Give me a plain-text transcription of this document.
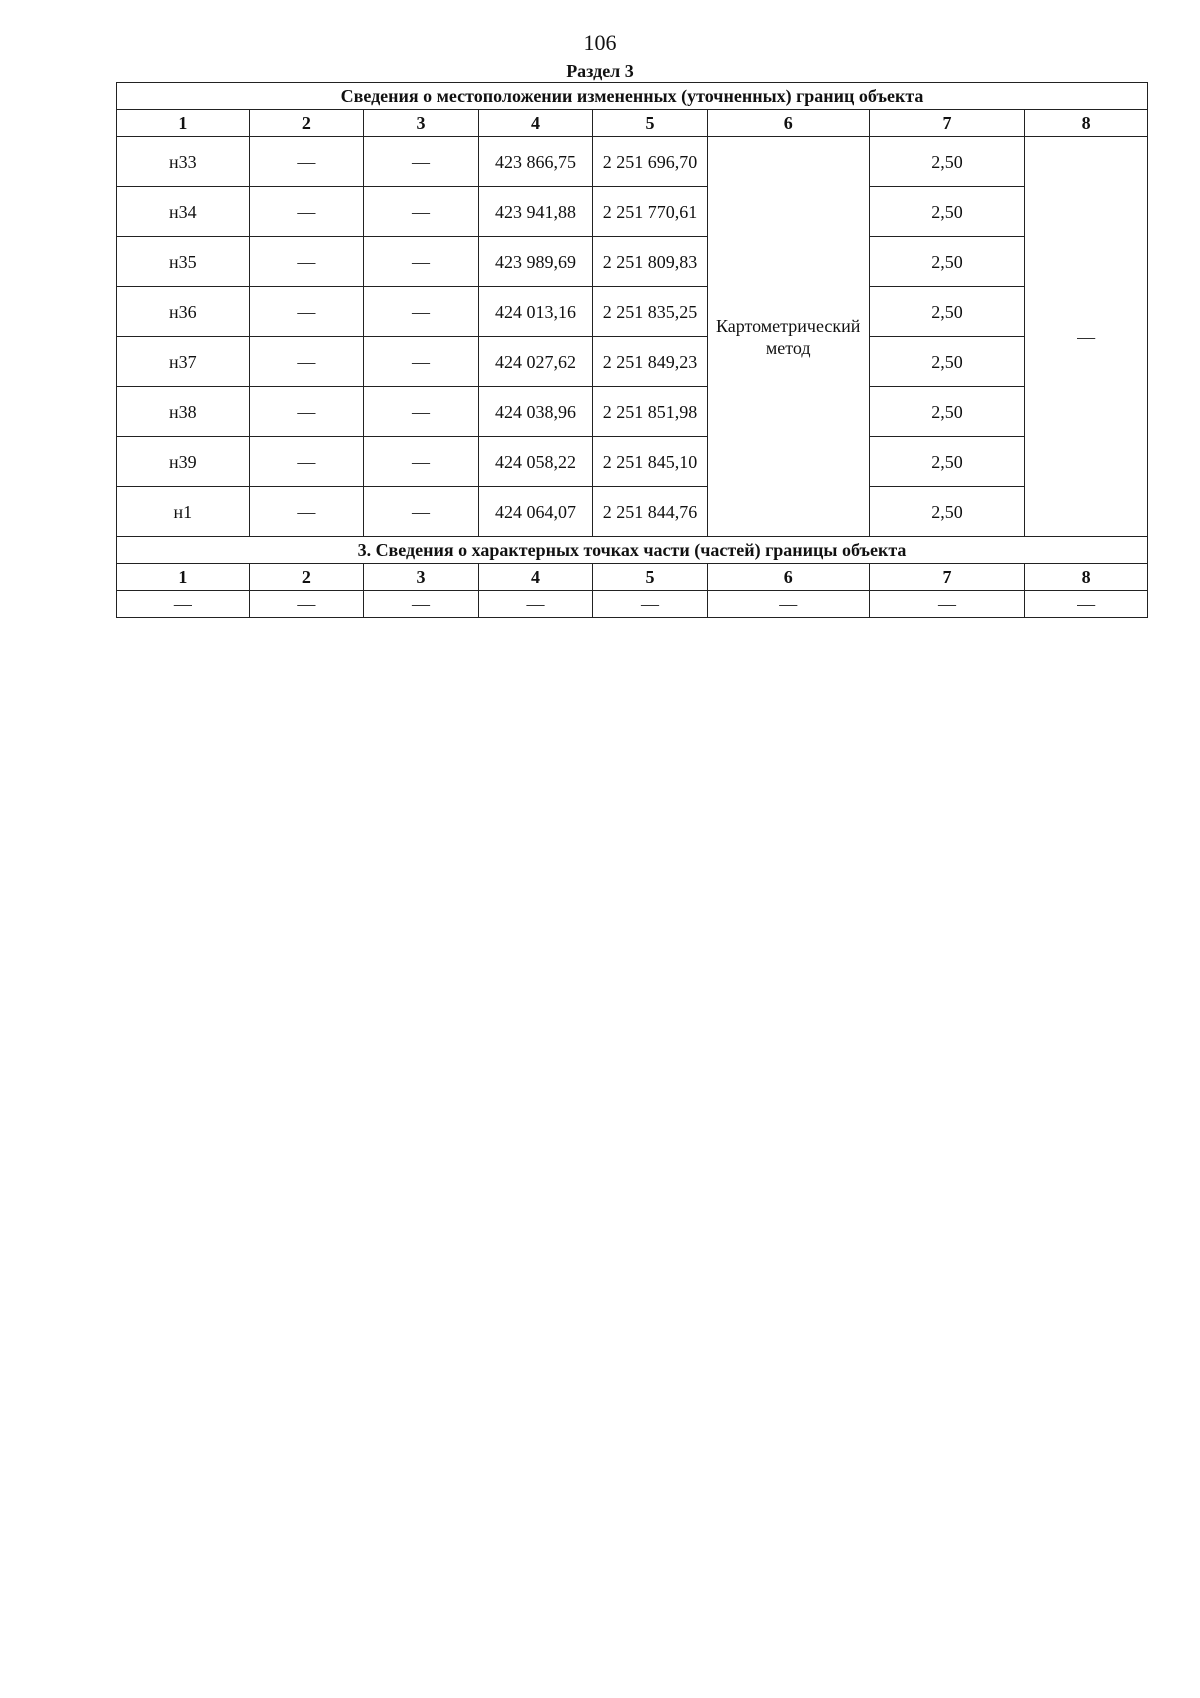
106
Раздел 3
Сведения о местоположении измененных (уточненных) границ объекта							
1	2	3	4	5	6	7	8
н33	—	—	423 866,75	2 251 696,70	Картометрический метод	2,50	—
н34	—	—	423 941,88	2 251 770,61		2,50	
н35	—	—	423 989,69	2 251 809,83		2,50	
н36	—	—	424 013,16	2 251 835,25		2,50	
н37	—	—	424 027,62	2 251 849,23		2,50	
н38	—	—	424 038,96	2 251 851,98		2,50	
н39	—	—	424 058,22	2 251 845,10		2,50	
н1	—	—	424 064,07	2 251 844,76		2,50	
3. Сведения о характерных точках части (частей) границы объекта							
1	2	3	4	5	6	7	8
—	—	—	—	—	—	—	—
